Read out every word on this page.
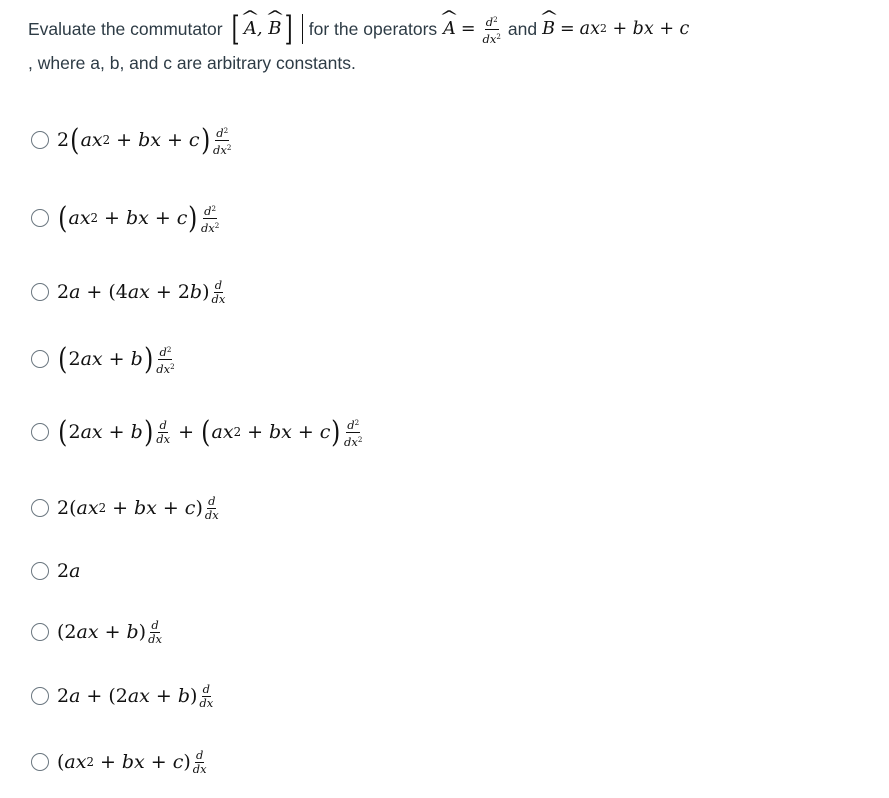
Evaluate the commutator [ ^ A , ^ B ] for the operators ^ $A = \frac{d^2}{dx^2}$ and ^ B = ax 2
+ bx + c
, where a, b, and c are arbitrary constants.
2 ( ax 2 + bx + c ) $\frac{d^2}{dx^2}$
( ax 2 + bx + c ) $\frac{d^2}{dx^2}$
2 a + ( 4 ax + 2 b ) $\frac{d}{dx}$
( 2 ax + b ) $\frac{d^2}{dx^2}$
( 2 ax + b ) $\frac{d}{dx}$ + ( ax 2 + bx + c ) $\frac{d^2}{dx^2}$
2 ( ax 2 + bx + c ) $\frac{d}{dx}$
2 a
( 2 ax + b ) $\frac{d}{dx}$
2 a + ( 2 ax + b ) $\frac{d}{dx}$
( ax 2 + bx + c ) $\frac{d}{dx}$
